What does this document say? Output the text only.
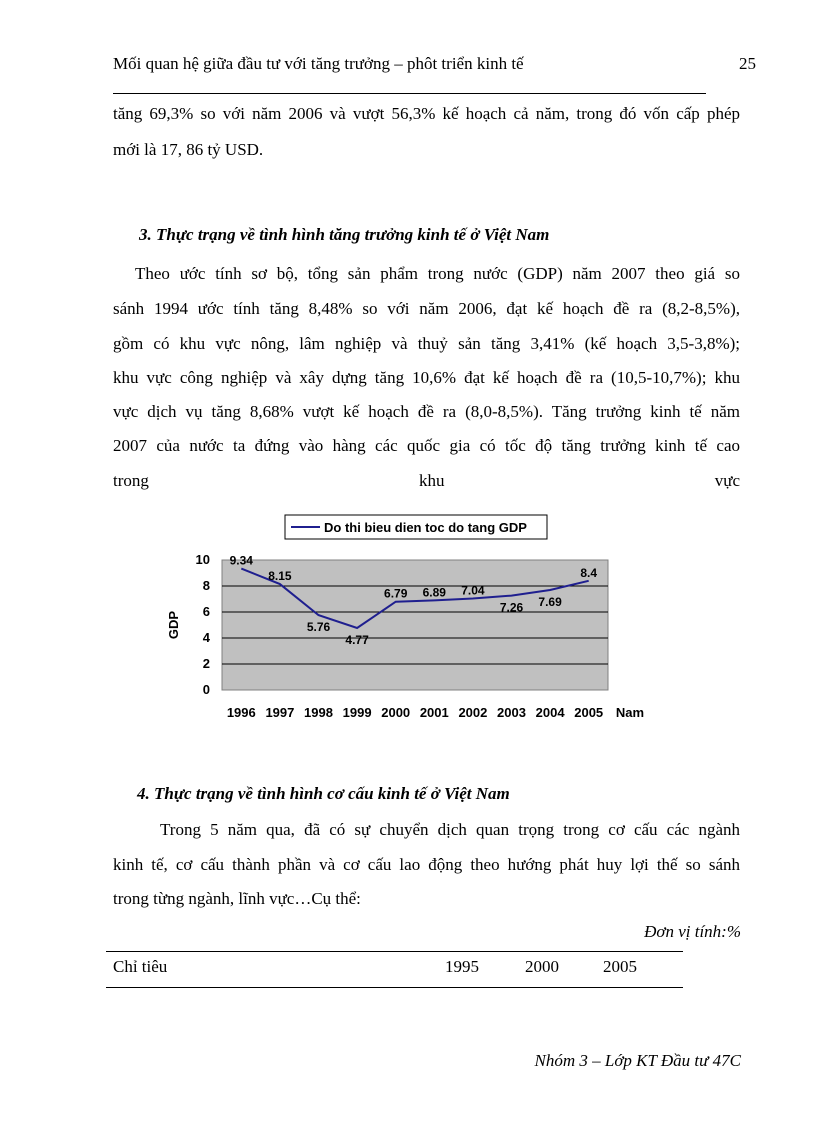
Mối quan hệ giữa đầu tư với tăng trưởng – phôt triển kinh tế	25
tăng 69,3% so với năm 2006 và vượt 56,3% kế hoạch cả năm, trong đó vốn cấp phép
mới là 17, 86 tỷ USD.
3. Thực trạng về tình hình tăng trưởng kinh tế ở Việt Nam
Theo ước tính sơ bộ, tổng sản phẩm trong nước (GDP) năm 2007 theo giá so
sánh 1994 ước tính tăng 8,48% so với năm 2006, đạt kế hoạch đề ra (8,2-8,5%),
gồm có khu vực nông, lâm nghiệp và thuỷ sản tăng 3,41% (kế hoạch 3,5-3,8%);
khu vực công nghiệp và xây dựng tăng 10,6% đạt kế hoạch đề ra (10,5-10,7%); khu
vực dịch vụ tăng 8,68% vượt kế hoạch đề ra (8,0-8,5%). Tăng trưởng kinh tế năm
2007 của nước ta đứng vào hàng các quốc gia có tốc độ tăng trưởng kinh tế cao
trong khu vực
Do thi bieu dien toc do tang GDP
0
2
4
6
8
10
1996 1997 1998 1999 2000 2001 2002 2003 2004 2005
9.34
8.15
5.76
4.77
6.79 6.89 7.04
7.26 7.69
8.4
GDP
Nam
4. Thực trạng về tình hình cơ cấu kinh tế ở Việt Nam
Trong 5 năm qua, đã có sự chuyển dịch quan trọng trong cơ cấu các ngành
kinh tế, cơ cấu thành phần và cơ cấu lao động theo hướng phát huy lợi thế so sánh
trong từng ngành, lĩnh vực…Cụ thể:
Đơn vị tính:%
Chỉ tiêu	1995	2000	2005
Nhóm 3 – Lớp KT Đầu tư 47C
